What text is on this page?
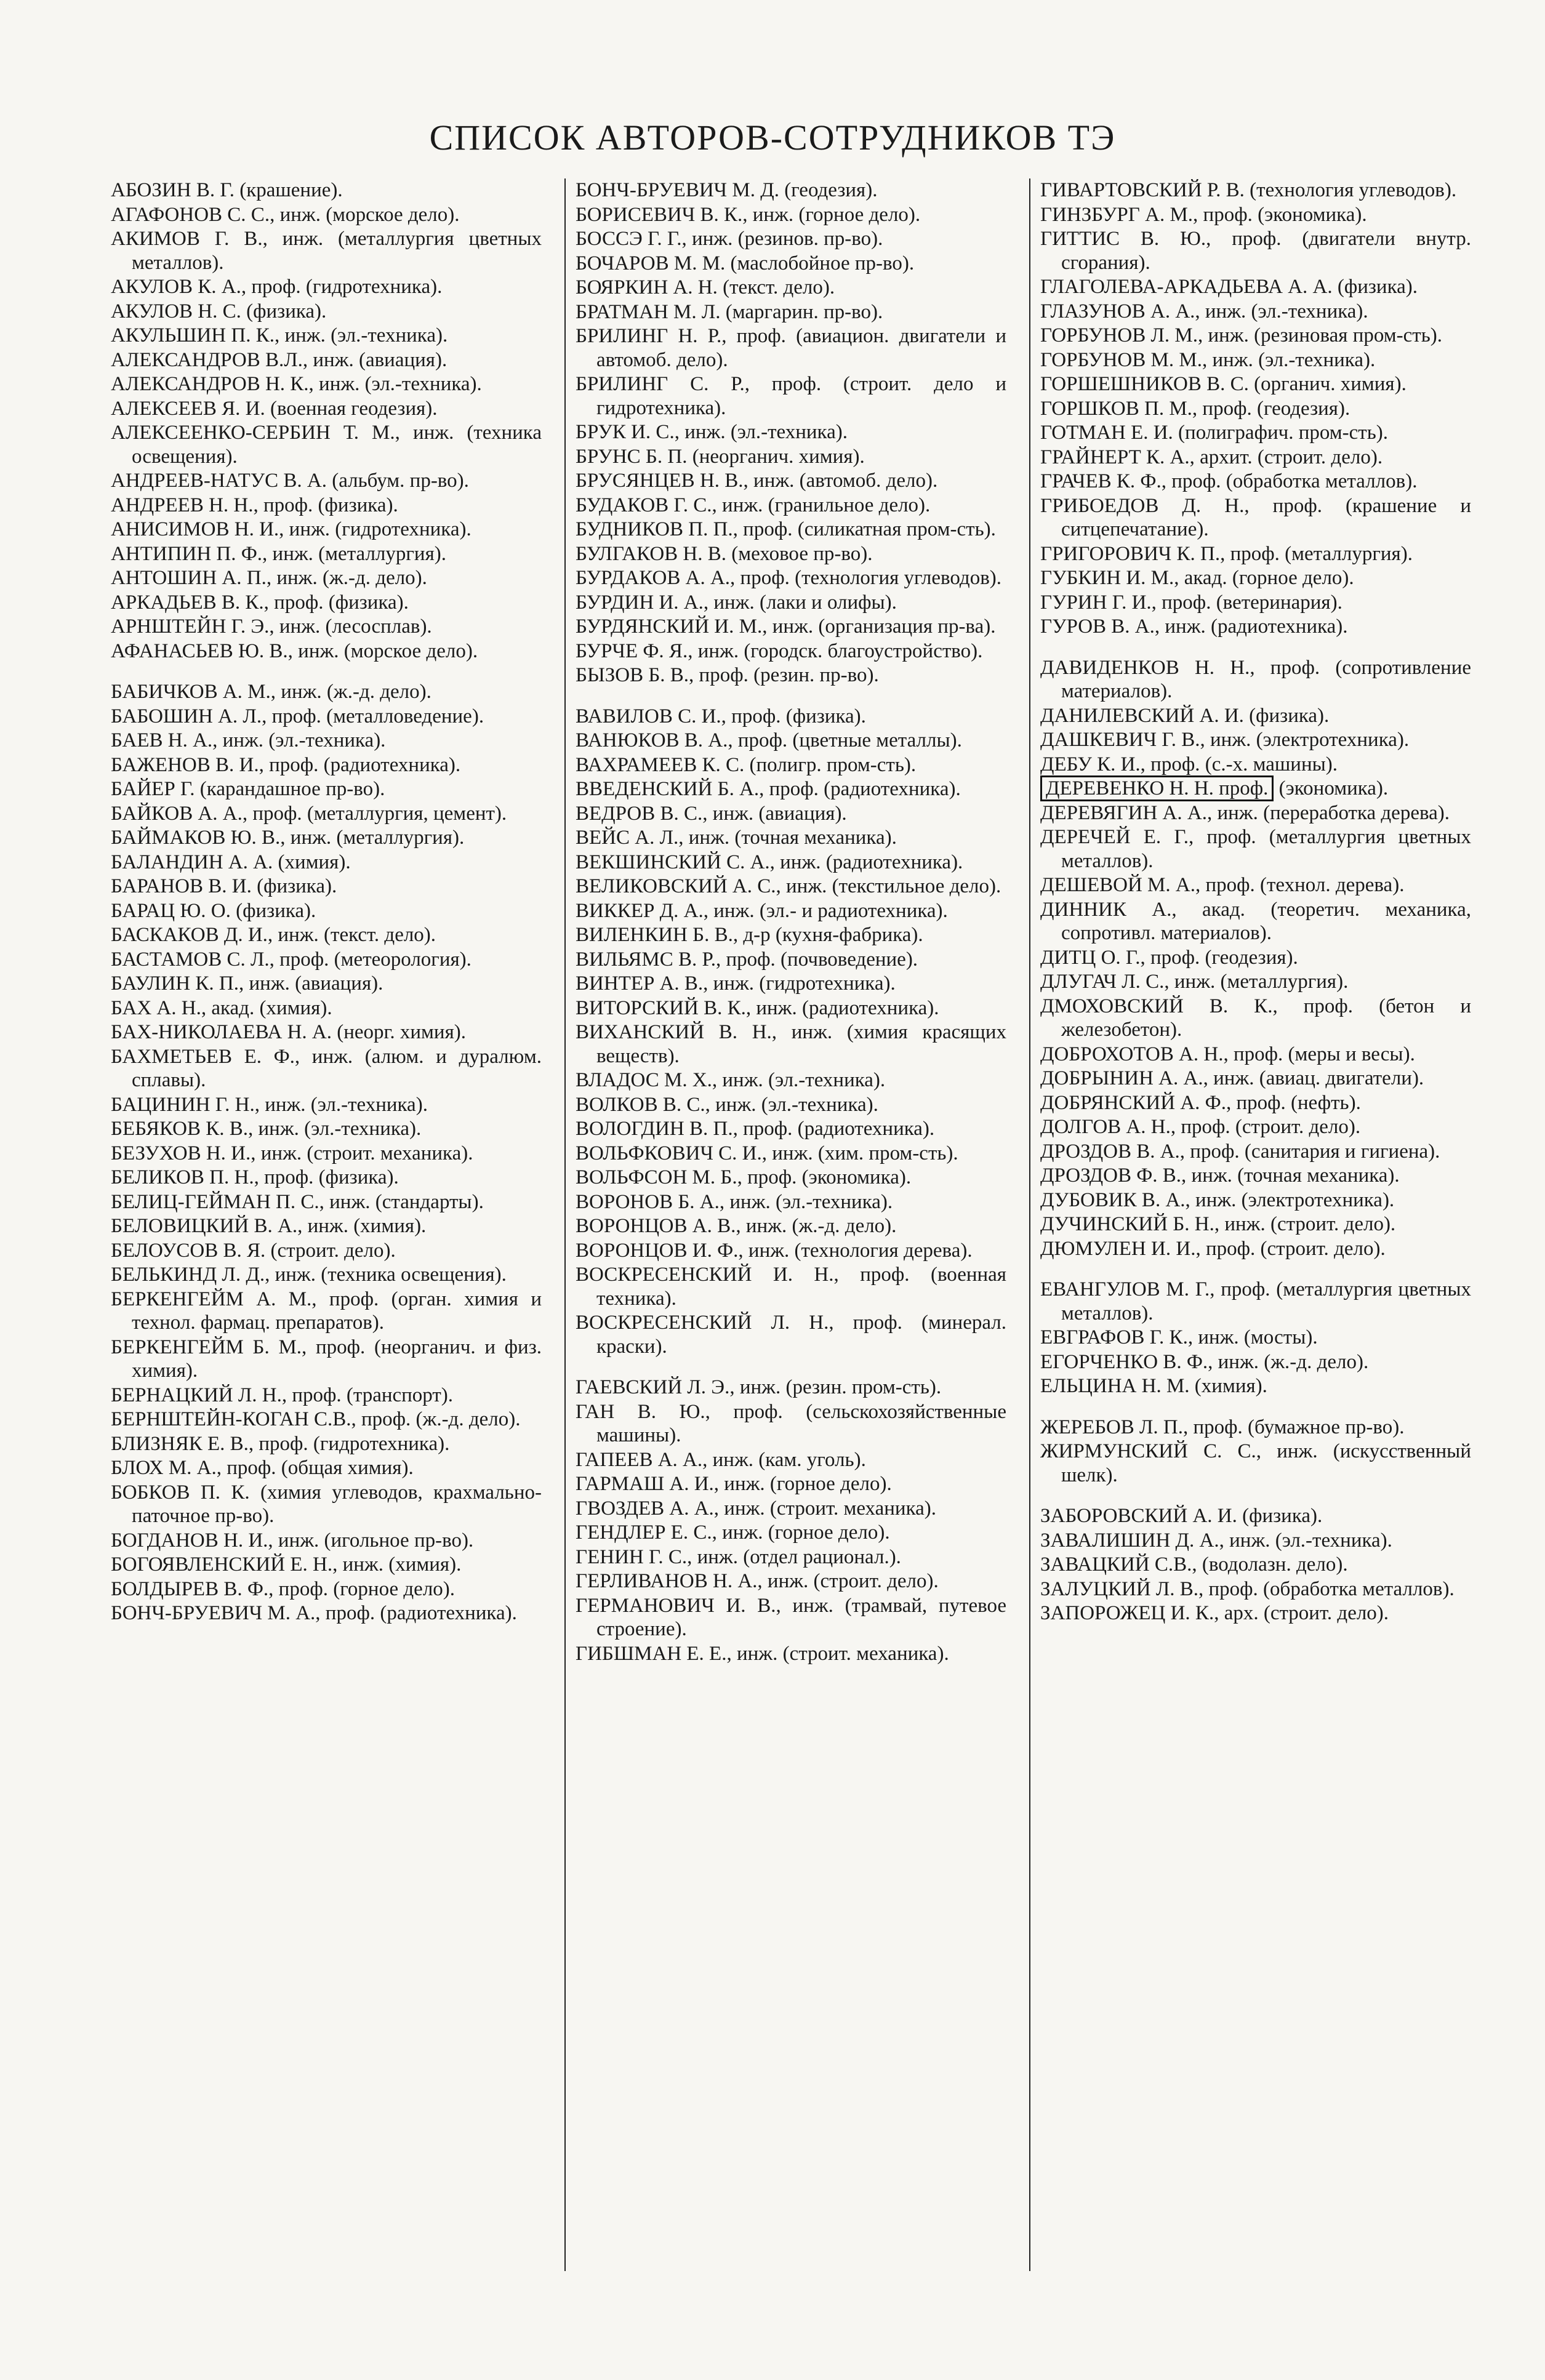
СПИСОК АВТОРОВ-СОТРУДНИКОВ ТЭ

АБОЗИН В. Г. (крашение).

АГАФОНОВ С. С., инж. (морское дело).

АКИМОВ Г. В., инж. (металлургия цветных металлов).

АКУЛОВ К. А., проф. (гидротехника).

АКУЛОВ Н. С. (физика).

АКУЛЬШИН П. К., инж. (эл.-техника).

АЛЕКСАНДРОВ В.Л., инж. (авиация).

АЛЕКСАНДРОВ Н. К., инж. (эл.-техника).

АЛЕКСЕЕВ Я. И. (военная геодезия).

АЛЕКСЕЕНКО-СЕРБИН Т. М., инж. (техника освещения).

АНДРЕЕВ-НАТУС В. А. (альбум. пр-во).

АНДРЕЕВ Н. Н., проф. (физика).

АНИСИМОВ Н. И., инж. (гидротехника).

АНТИПИН П. Ф., инж. (металлургия).

АНТОШИН А. П., инж. (ж.-д. дело).

АРКАДЬЕВ В. К., проф. (физика).

АРНШТЕЙН Г. Э., инж. (лесосплав).

АФАНАСЬЕВ Ю. В., инж. (морское дело).

БАБИЧКОВ А. М., инж. (ж.-д. дело).

БАБОШИН А. Л., проф. (металловедение).

БАЕВ Н. А., инж. (эл.-техника).

БАЖЕНОВ В. И., проф. (радиотехника).

БАЙЕР Г. (карандашное пр-во).

БАЙКОВ А. А., проф. (металлургия, цемент).

БАЙМАКОВ Ю. В., инж. (металлургия).

БАЛАНДИН А. А. (химия).

БАРАНОВ В. И. (физика).

БАРАЦ Ю. О. (физика).

БАСКАКОВ Д. И., инж. (текст. дело).

БАСТАМОВ С. Л., проф. (метеорология).

БАУЛИН К. П., инж. (авиация).

БАХ А. Н., акад. (химия).

БАХ-НИКОЛАЕВА Н. А. (неорг. химия).

БАХМЕТЬЕВ Е. Ф., инж. (алюм. и дуралюм. сплавы).

БАЦИНИН Г. Н., инж. (эл.-техника).

БЕБЯКОВ К. В., инж. (эл.-техника).

БЕЗУХОВ Н. И., инж. (строит. механика).

БЕЛИКОВ П. Н., проф. (физика).

БЕЛИЦ-ГЕЙМАН П. С., инж. (стандарты).

БЕЛОВИЦКИЙ В. А., инж. (химия).

БЕЛОУСОВ В. Я. (строит. дело).

БЕЛЬКИНД Л. Д., инж. (техника освещения).

БЕРКЕНГЕЙМ А. М., проф. (орган. химия и технол. фармац. препаратов).

БЕРКЕНГЕЙМ Б. М., проф. (неорганич. и физ. химия).

БЕРНАЦКИЙ Л. Н., проф. (транспорт).

БЕРНШТЕЙН-КОГАН С.В., проф. (ж.-д. дело).

БЛИЗНЯК Е. В., проф. (гидротехника).

БЛОХ М. А., проф. (общая химия).

БОБКОВ П. К. (химия углеводов, крахмально-паточное пр-во).

БОГДАНОВ Н. И., инж. (игольное пр-во).

БОГОЯВЛЕНСКИЙ Е. Н., инж. (химия).

БОЛДЫРЕВ В. Ф., проф. (горное дело).

БОНЧ-БРУЕВИЧ М. А., проф. (радиотехника).

БОНЧ-БРУЕВИЧ М. Д. (геодезия).

БОРИСЕВИЧ В. К., инж. (горное дело).

БОССЭ Г. Г., инж. (резинов. пр-во).

БОЧАРОВ М. М. (маслобойное пр-во).

БОЯРКИН А. Н. (текст. дело).

БРАТМАН М. Л. (маргарин. пр-во).

БРИЛИНГ Н. Р., проф. (авиацион. двигатели и автомоб. дело).

БРИЛИНГ С. Р., проф. (строит. дело и гидротехника).

БРУК И. С., инж. (эл.-техника).

БРУНС Б. П. (неорганич. химия).

БРУСЯНЦЕВ Н. В., инж. (автомоб. дело).

БУДАКОВ Г. С., инж. (гранильное дело).

БУДНИКОВ П. П., проф. (силикатная пром-сть).

БУЛГАКОВ Н. В. (меховое пр-во).

БУРДАКОВ А. А., проф. (технология углеводов).

БУРДИН И. А., инж. (лаки и олифы).

БУРДЯНСКИЙ И. М., инж. (организация пр-ва).

БУРЧЕ Ф. Я., инж. (городск. благоустройство).

БЫЗОВ Б. В., проф. (резин. пр-во).

ВАВИЛОВ С. И., проф. (физика).

ВАНЮКОВ В. А., проф. (цветные металлы).

ВАХРАМЕЕВ К. С. (полигр. пром-сть).

ВВЕДЕНСКИЙ Б. А., проф. (радиотехника).

ВЕДРОВ В. С., инж. (авиация).

ВЕЙС А. Л., инж. (точная механика).

ВЕКШИНСКИЙ С. А., инж. (радиотехника).

ВЕЛИКОВСКИЙ А. С., инж. (текстильное дело).

ВИККЕР Д. А., инж. (эл.- и радиотехника).

ВИЛЕНКИН Б. В., д-р (кухня-фабрика).

ВИЛЬЯМС В. Р., проф. (почвоведение).

ВИНТЕР А. В., инж. (гидротехника).

ВИТОРСКИЙ В. К., инж. (радиотехника).

ВИХАНСКИЙ В. Н., инж. (химия красящих веществ).

ВЛАДОС М. Х., инж. (эл.-техника).

ВОЛКОВ В. С., инж. (эл.-техника).

ВОЛОГДИН В. П., проф. (радиотехника).

ВОЛЬФКОВИЧ С. И., инж. (хим. пром-сть).

ВОЛЬФСОН М. Б., проф. (экономика).

ВОРОНОВ Б. А., инж. (эл.-техника).

ВОРОНЦОВ А. В., инж. (ж.-д. дело).

ВОРОНЦОВ И. Ф., инж. (технология дерева).

ВОСКРЕСЕНСКИЙ И. Н., проф. (военная техника).

ВОСКРЕСЕНСКИЙ Л. Н., проф. (минерал. краски).

ГАЕВСКИЙ Л. Э., инж. (резин. пром-сть).

ГАН В. Ю., проф. (сельскохозяйственные машины).

ГАПЕЕВ А. А., инж. (кам. уголь).

ГАРМАШ А. И., инж. (горное дело).

ГВОЗДЕВ А. А., инж. (строит. механика).

ГЕНДЛЕР Е. С., инж. (горное дело).

ГЕНИН Г. С., инж. (отдел рационал.).

ГЕРЛИВАНОВ Н. А., инж. (строит. дело).

ГЕРМАНОВИЧ И. В., инж. (трамвай, путевое строение).

ГИБШМАН Е. Е., инж. (строит. механика).

ГИВАРТОВСКИЙ Р. В. (технология углеводов).

ГИНЗБУРГ А. М., проф. (экономика).

ГИТТИС В. Ю., проф. (двигатели внутр. сгорания).

ГЛАГОЛЕВА-АРКАДЬЕВА А. А. (физика).

ГЛАЗУНОВ А. А., инж. (эл.-техника).

ГОРБУНОВ Л. М., инж. (резиновая пром-сть).

ГОРБУНОВ М. М., инж. (эл.-техника).

ГОРШЕШНИКОВ В. С. (органич. химия).

ГОРШКОВ П. М., проф. (геодезия).

ГОТМАН Е. И. (полиграфич. пром-сть).

ГРАЙНЕРТ К. А., архит. (строит. дело).

ГРАЧЕВ К. Ф., проф. (обработка металлов).

ГРИБОЕДОВ Д. Н., проф. (крашение и ситцепечатание).

ГРИГОРОВИЧ К. П., проф. (металлургия).

ГУБКИН И. М., акад. (горное дело).

ГУРИН Г. И., проф. (ветеринария).

ГУРОВ В. А., инж. (радиотехника).

ДАВИДЕНКОВ Н. Н., проф. (сопротивление материалов).

ДАНИЛЕВСКИЙ А. И. (физика).

ДАШКЕВИЧ Г. В., инж. (электротехника).

ДЕБУ К. И., проф. (с.-х. машины).

ДЕРЕВЕНКО Н. Н. проф. (экономика).

ДЕРЕВЯГИН А. А., инж. (переработка дерева).

ДЕРЕЧЕЙ Е. Г., проф. (металлургия цветных металлов).

ДЕШЕВОЙ М. А., проф. (технол. дерева).

ДИННИК А., акад. (теоретич. механика, сопротивл. материалов).

ДИТЦ О. Г., проф. (геодезия).

ДЛУГАЧ Л. С., инж. (металлургия).

ДМОХОВСКИЙ В. К., проф. (бетон и железобетон).

ДОБРОХОТОВ А. Н., проф. (меры и весы).

ДОБРЫНИН А. А., инж. (авиац. двигатели).

ДОБРЯНСКИЙ А. Ф., проф. (нефть).

ДОЛГОВ А. Н., проф. (строит. дело).

ДРОЗДОВ В. А., проф. (санитария и гигиена).

ДРОЗДОВ Ф. В., инж. (точная механика).

ДУБОВИК В. А., инж. (электротехника).

ДУЧИНСКИЙ Б. Н., инж. (строит. дело).

ДЮМУЛЕН И. И., проф. (строит. дело).

ЕВАНГУЛОВ М. Г., проф. (металлургия цветных металлов).

ЕВГРАФОВ Г. К., инж. (мосты).

ЕГОРЧЕНКО В. Ф., инж. (ж.-д. дело).

ЕЛЬЦИНА Н. М. (химия).

ЖЕРЕБОВ Л. П., проф. (бумажное пр-во).

ЖИРМУНСКИЙ С. С., инж. (искусственный шелк).

ЗАБОРОВСКИЙ А. И. (физика).

ЗАВАЛИШИН Д. А., инж. (эл.-техника).

ЗАВАЦКИЙ С.В., (водолазн. дело).

ЗАЛУЦКИЙ Л. В., проф. (обработка металлов).

ЗАПОРОЖЕЦ И. К., арх. (строит. дело).
